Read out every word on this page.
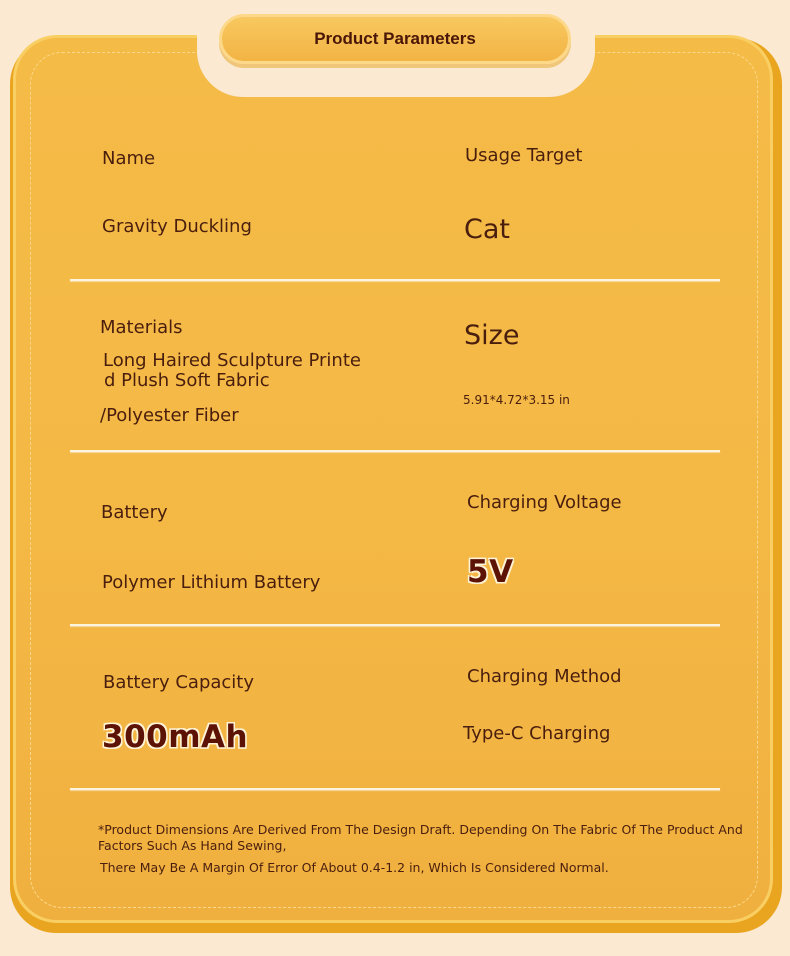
Product Parameters
Name
Gravity Duckling
Usage Target
Cat
Materials
Long Haired Sculpture Printe
d Plush Soft Fabric
/Polyester Fiber
Size
5.91*4.72*3.15 in
Battery
Polymer Lithium Battery
Charging Voltage
5V
Battery Capacity
300mAh
Charging Method
Type-C Charging
*Product Dimensions Are Derived From The Design Draft. Depending On The Fabric Of The Product And
Factors Such As Hand Sewing,
There May Be A Margin Of Error Of About 0.4-1.2 in, Which Is Considered Normal.
